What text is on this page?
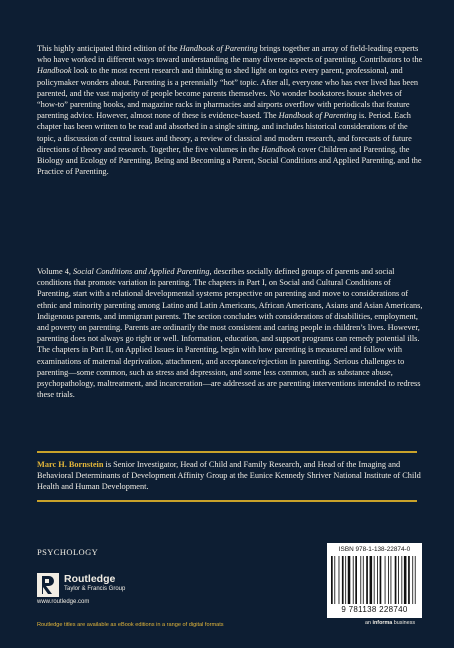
This highly anticipated third edition of the Handbook of Parenting brings together an array of field-leading experts who have worked in different ways toward understanding the many diverse aspects of parenting. Contributors to the Handbook look to the most recent research and thinking to shed light on topics every parent, professional, and policymaker wonders about. Parenting is a perennially “hot” topic. After all, everyone who has ever lived has been parented, and the vast majority of people become parents themselves. No wonder bookstores house shelves of “how-to” parenting books, and magazine racks in pharmacies and airports overflow with periodicals that feature parenting advice. However, almost none of these is evidence-based. The Handbook of Parenting is. Period. Each chapter has been written to be read and absorbed in a single sitting, and includes historical considerations of the topic, a discussion of central issues and theory, a review of classical and modern research, and forecasts of future directions of theory and research. Together, the five volumes in the Handbook cover Children and Parenting, the Biology and Ecology of Parenting, Being and Becoming a Parent, Social Conditions and Applied Parenting, and the Practice of Parenting.

Volume 4, Social Conditions and Applied Parenting, describes socially defined groups of parents and social conditions that promote variation in parenting. The chapters in Part I, on Social and Cultural Conditions of Parenting, start with a relational developmental systems perspective on parenting and move to considerations of ethnic and minority parenting among Latino and Latin Americans, African Americans, Asians and Asian Americans, Indigenous parents, and immigrant parents. The section concludes with considerations of disabilities, employment, and poverty on parenting. Parents are ordinarily the most consistent and caring people in children’s lives. However, parenting does not always go right or well. Information, education, and support programs can remedy potential ills. The chapters in Part II, on Applied Issues in Parenting, begin with how parenting is measured and follow with examinations of maternal deprivation, attachment, and acceptance/rejection in parenting. Serious challenges to parenting—some common, such as stress and depression, and some less common, such as substance abuse, psychopathology, maltreatment, and incarceration—are addressed as are parenting interventions intended to redress these trials.

Marc H. Bornstein is Senior Investigator, Head of Child and Family Research, and Head of the Imaging and Behavioral Determinants of Development Affinity Group at the Eunice Kennedy Shriver National Institute of Child Health and Human Development.

PSYCHOLOGY
Routledge
Taylor & Francis Group
www.routledge.com
Routledge titles are available as eBook editions in a range of digital formats
ISBN 978-1-138-22874-0
9 781138 228740
an informa business
